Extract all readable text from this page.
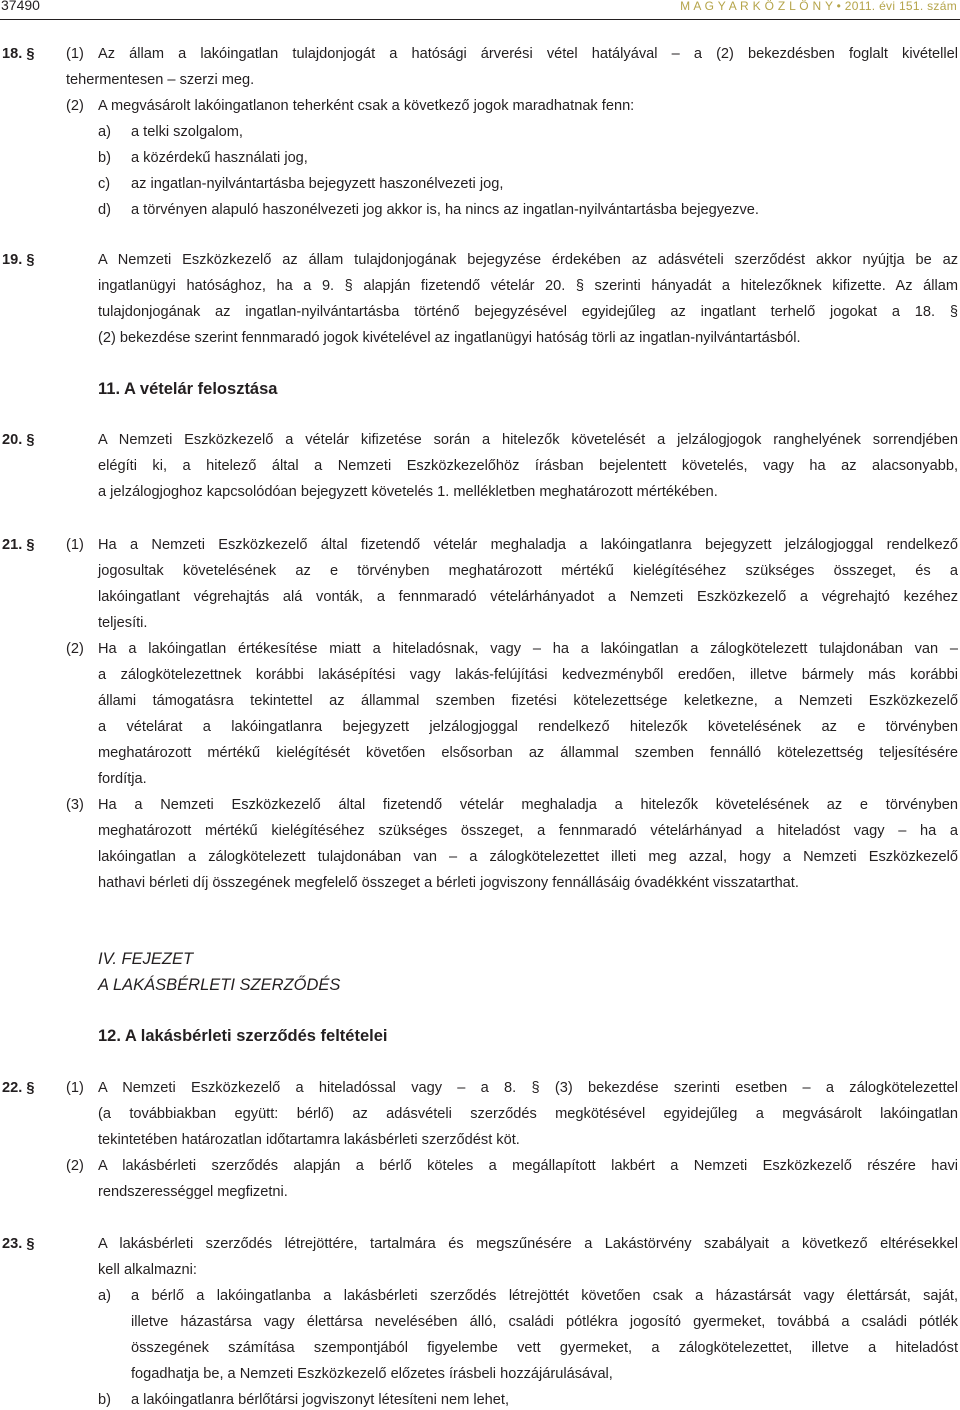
37490	M A G Y A R K Ö Z L Ö N Y • 2011. évi 151. szám
18. § (1) Az állam a lakóingatlan tulajdonjogát a hatósági árverési vétel hatályával – a (2) bekezdésben foglalt kivétellel
tehermentesen – szerzi meg.
(2) A megvásárolt lakóingatlanon teherként csak a következő jogok maradhatnak fenn:
a) a telki szolgalom,
b) a közérdekű használati jog,
c) az ingatlan-nyilvántartásba bejegyzett haszonélvezeti jog,
d) a törvényen alapuló haszonélvezeti jog akkor is, ha nincs az ingatlan-nyilvántartásba bejegyezve.
19. §	A Nemzeti Eszközkezelő az állam tulajdonjogának bejegyzése érdekében az adásvételi szerződést akkor nyújtja be az
ingatlanügyi hatósághoz, ha a 9. § alapján fizetendő vételár 20. § szerinti hányadát a hitelezőknek kifizette. Az állam
tulajdonjogának az ingatlan-nyilvántartásba történő bejegyzésével egyidejűleg az ingatlant terhelő jogokat a 18. §
(2) bekezdése szerint fennmaradó jogok kivételével az ingatlanügyi hatóság törli az ingatlan-nyilvántartásból.
11. A vételár felosztása
20. §	A Nemzeti Eszközkezelő a vételár kifizetése során a hitelezők követelését a jelzálogjogok ranghelyének sorrendjében
elégíti ki, a hitelező által a Nemzeti Eszközkezelőhöz írásban bejelentett követelés, vagy ha az alacsonyabb,
a jelzálogjoghoz kapcsolódóan bejegyzett követelés 1. mellékletben meghatározott mértékében.
21. § (1) Ha a Nemzeti Eszközkezelő által fizetendő vételár meghaladja a lakóingatlanra bejegyzett jelzálogjoggal rendelkező
jogosultak követelésének az e törvényben meghatározott mértékű kielégítéséhez szükséges összeget, és a
lakóingatlant végrehajtás alá vonták, a fennmaradó vételárhányadot a Nemzeti Eszközkezelő a végrehajtó kezéhez
teljesíti.
(2) Ha a lakóingatlan értékesítése miatt a hiteladósnak, vagy – ha a lakóingatlan a zálogkötelezett tulajdonában van –
a zálogkötelezettnek korábbi lakásépítési vagy lakás-felújítási kedvezményből eredően, illetve bármely más korábbi
állami támogatásra tekintettel az állammal szemben fizetési kötelezettsége keletkezne, a Nemzeti Eszközkezelő
a vételárat a lakóingatlanra bejegyzett jelzálogjoggal rendelkező hitelezők követelésének az e törvényben
meghatározott mértékű kielégítését követően elsősorban az állammal szemben fennálló kötelezettség teljesítésére
fordítja.
(3) Ha a Nemzeti Eszközkezelő által fizetendő vételár meghaladja a hitelezők követelésének az e törvényben
meghatározott mértékű kielégítéséhez szükséges összeget, a fennmaradó vételárhányad a hiteladóst vagy – ha a
lakóingatlan a zálogkötelezett tulajdonában van – a zálogkötelezettet illeti meg azzal, hogy a Nemzeti Eszközkezelő
hathavi bérleti díj összegének megfelelő összeget a bérleti jogviszony fennállásáig óvadékként visszatarthat.
IV. FEJEZET
A LAKÁSBÉRLETI SZERZŐDÉS
12. A lakásbérleti szerződés feltételei
22. § (1) A Nemzeti Eszközkezelő a hiteladóssal vagy – a 8. § (3) bekezdése szerinti esetben – a zálogkötelezettel
(a továbbiakban együtt: bérlő) az adásvételi szerződés megkötésével egyidejűleg a megvásárolt lakóingatlan
tekintetében határozatlan időtartamra lakásbérleti szerződést köt.
(2) A lakásbérleti szerződés alapján a bérlő köteles a megállapított lakbért a Nemzeti Eszközkezelő részére havi
rendszerességgel megfizetni.
23. §	A lakásbérleti szerződés létrejöttére, tartalmára és megszűnésére a Lakástörvény szabályait a következő eltérésekkel
kell alkalmazni:
a) a bérlő a lakóingatlanba a lakásbérleti szerződés létrejöttét követően csak a házastársát vagy élettársát, saját,
illetve házastársa vagy élettársa nevelésében álló, családi pótlékra jogosító gyermeket, továbbá a családi pótlék
összegének számítása szempontjából figyelembe vett gyermeket, a zálogkötelezettet, illetve a hiteladóst
fogadhatja be, a Nemzeti Eszközkezelő előzetes írásbeli hozzájárulásával,
b) a lakóingatlanra bérlőtársi jogviszonyt létesíteni nem lehet,
